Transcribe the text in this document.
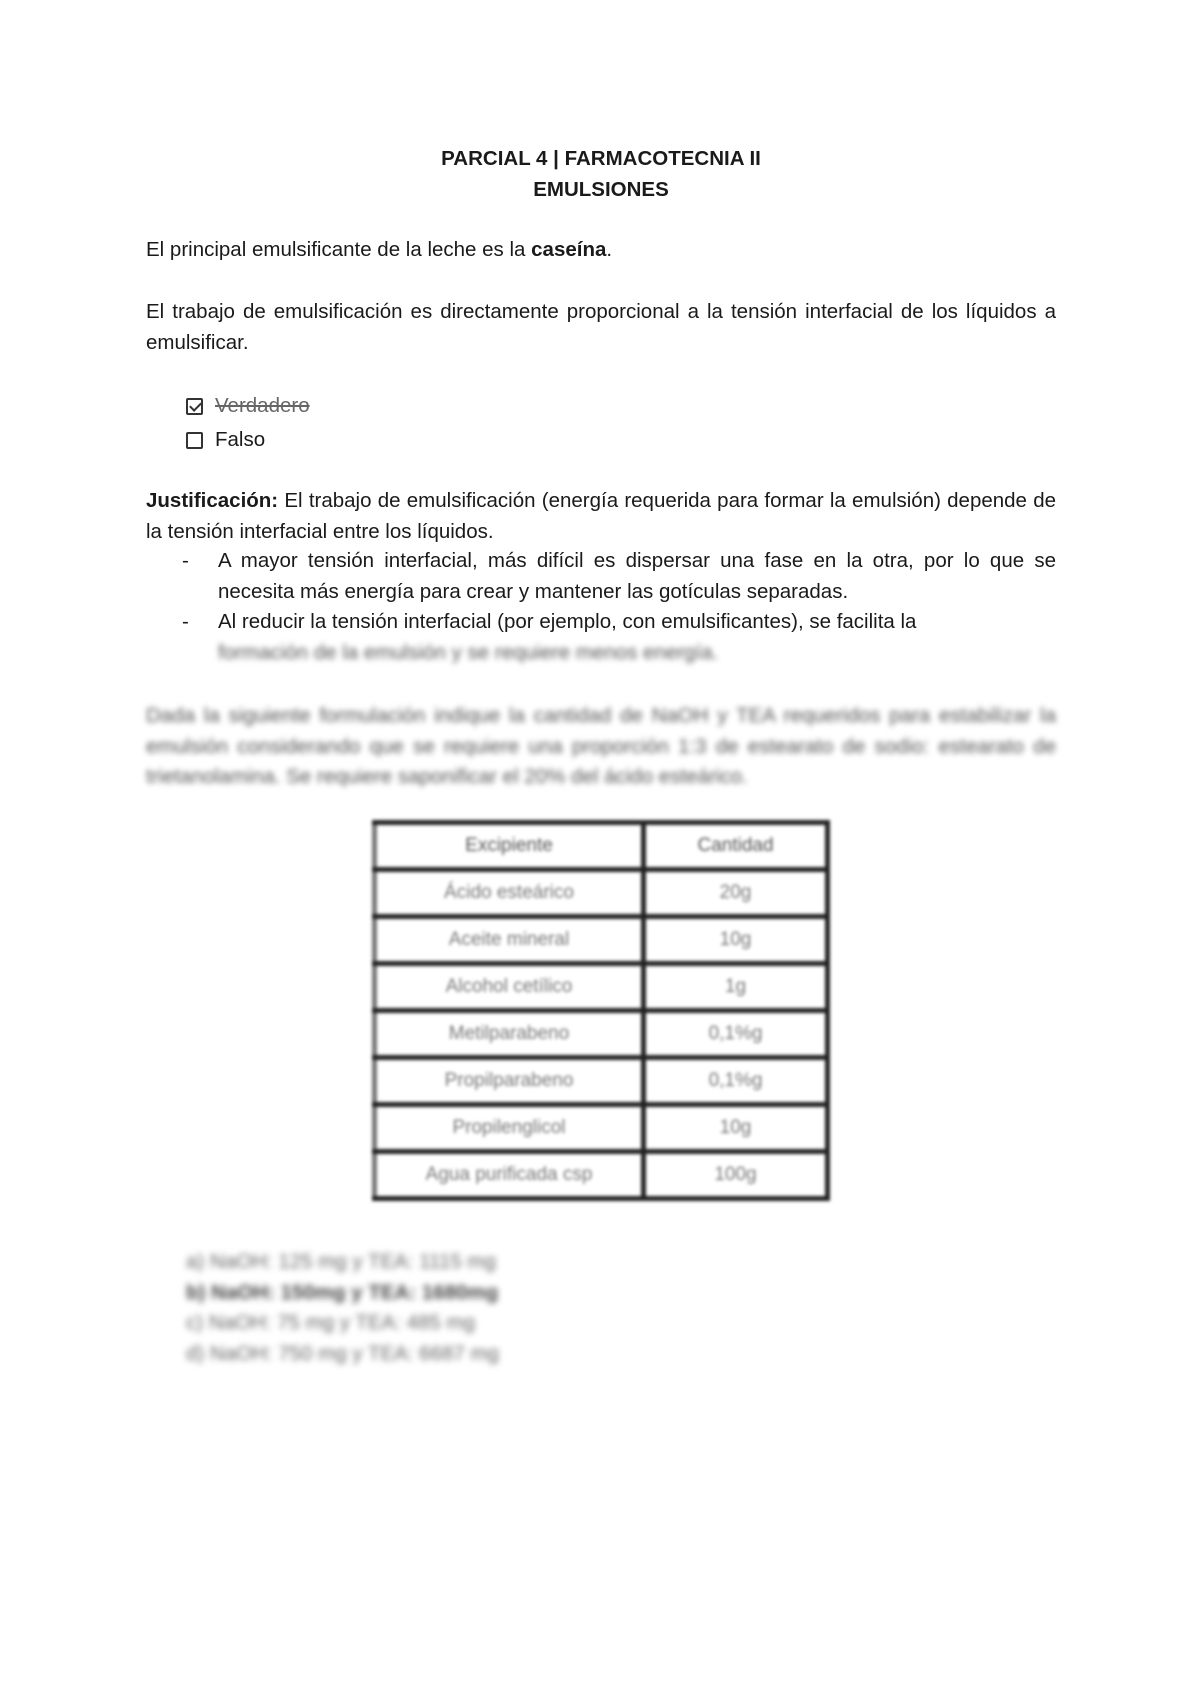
PARCIAL 4 | FARMACOTECNIA II
EMULSIONES
El principal emulsificante de la leche es la caseína.
El trabajo de emulsificación es directamente proporcional a la tensión interfacial de los líquidos a emulsificar.
Verdadero
Falso
Justificación: El trabajo de emulsificación (energía requerida para formar la emulsión) depende de la tensión interfacial entre los líquidos.
-	A mayor tensión interfacial, más difícil es dispersar una fase en la otra, por lo que se necesita más energía para crear y mantener las gotículas separadas.
-	Al reducir la tensión interfacial (por ejemplo, con emulsificantes), se facilita la
formación de la emulsión y se requiere menos energía.
Dada la siguiente formulación indique la cantidad de NaOH y TEA requeridos para estabilizar la emulsión considerando que se requiere una proporción 1:3 de estearato de sodio: estearato de trietanolamina. Se requiere saponificar el 20% del ácido esteárico.
Excipiente	Cantidad
Ácido esteárico	20g
Aceite mineral	10g
Alcohol cetílico	1g
Metilparabeno	0,1%g
Propilparabeno	0,1%g
Propilenglicol	10g
Agua purificada csp	100g
a) NaOH: 125 mg y TEA: 1115 mg
b) NaOH: 150mg y TEA: 1680mg
c) NaOH: 75 mg y TEA: 485 mg
d) NaOH: 750 mg y TEA: 6687 mg
